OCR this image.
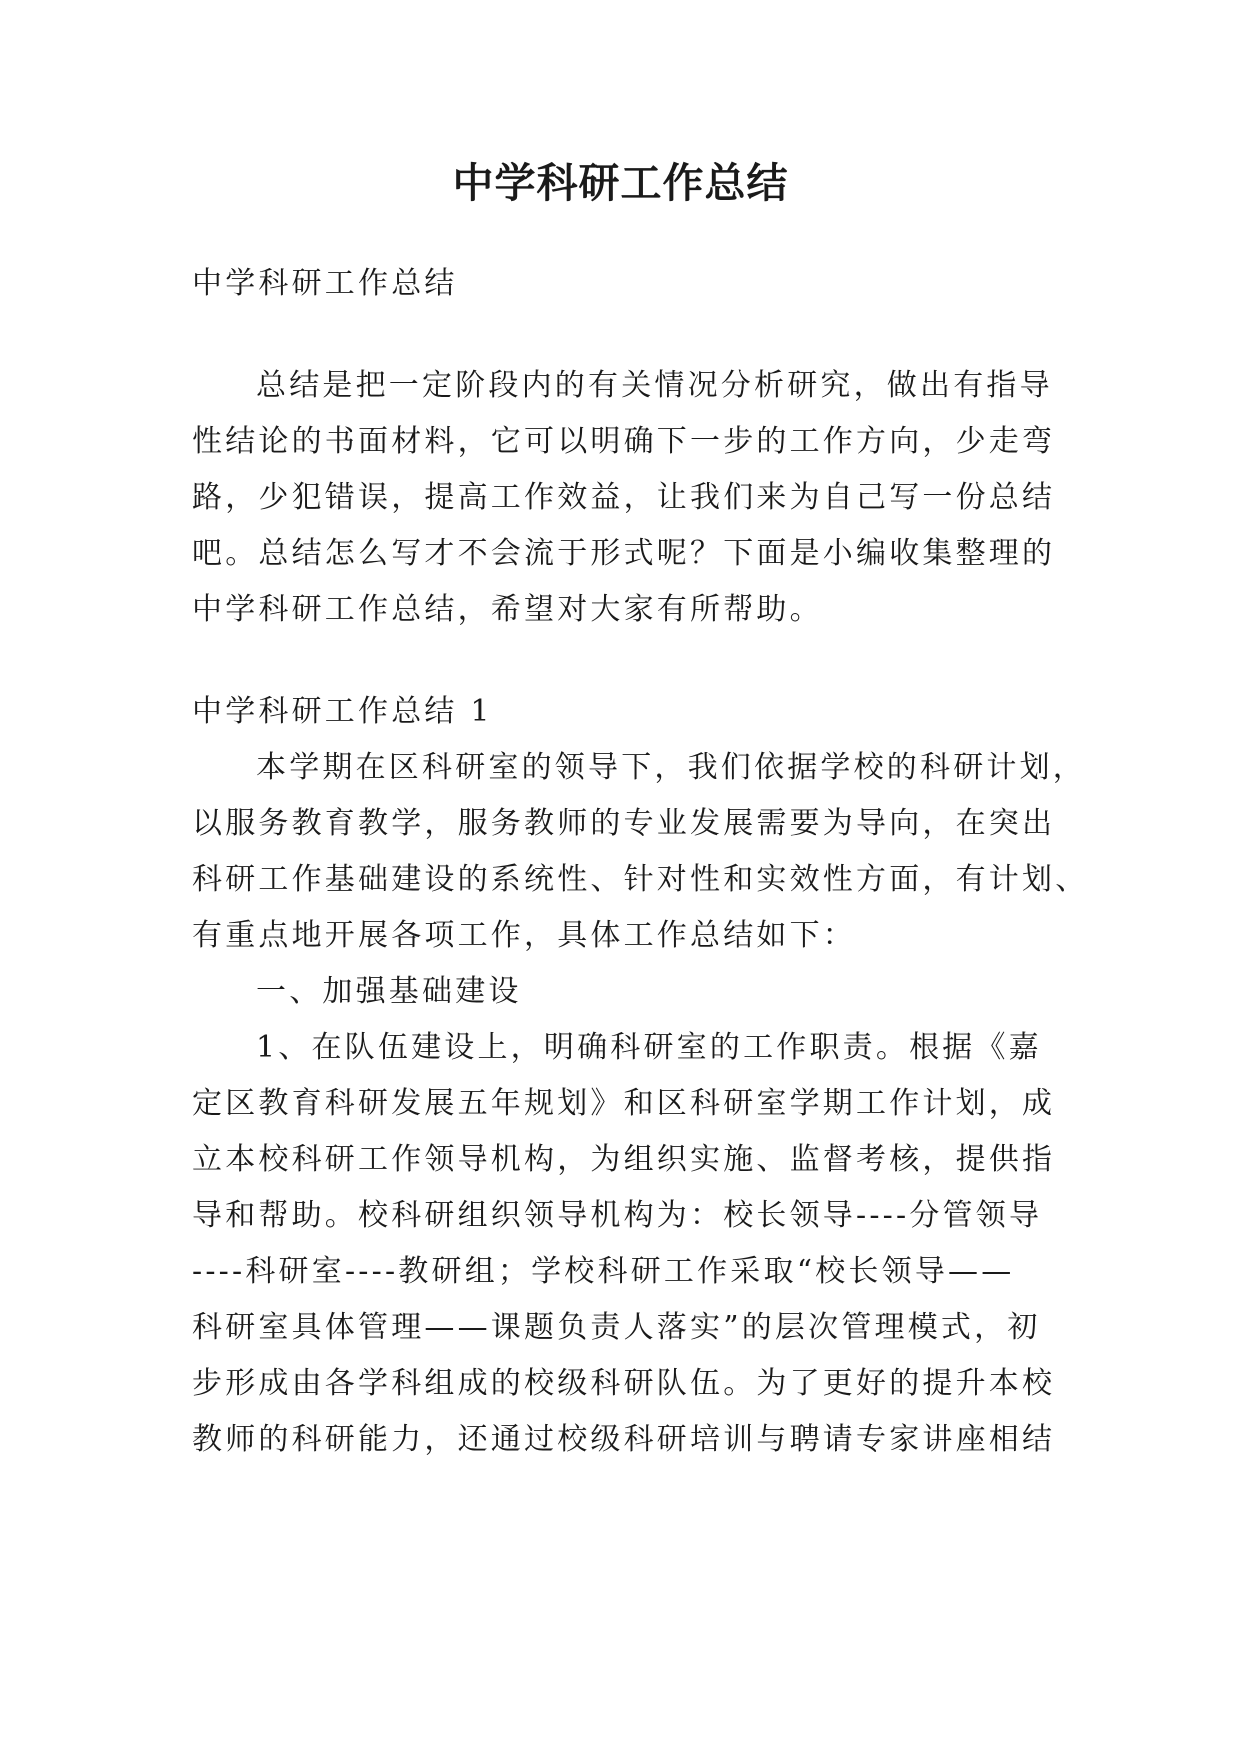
中学科研工作总结
中学科研工作总结
总结是把一定阶段内的有关情况分析研究，做出有指导
性结论的书面材料，它可以明确下一步的工作方向，少走弯
路，少犯错误，提高工作效益，让我们来为自己写一份总结
吧。总结怎么写才不会流于形式呢？下面是小编收集整理的
中学科研工作总结，希望对大家有所帮助。
中学科研工作总结 1
本学期在区科研室的领导下，我们依据学校的科研计划，
以服务教育教学，服务教师的专业发展需要为导向，在突出
科研工作基础建设的系统性、针对性和实效性方面，有计划、
有重点地开展各项工作，具体工作总结如下：
一、加强基础建设
1、在队伍建设上，明确科研室的工作职责。根据《嘉
定区教育科研发展五年规划》和区科研室学期工作计划，成
立本校科研工作领导机构，为组织实施、监督考核，提供指
导和帮助。校科研组织领导机构为：校长领导----分管领导
----科研室----教研组；学校科研工作采取“校长领导——
科研室具体管理——课题负责人落实”的层次管理模式，初
步形成由各学科组成的校级科研队伍。为了更好的提升本校
教师的科研能力，还通过校级科研培训与聘请专家讲座相结
